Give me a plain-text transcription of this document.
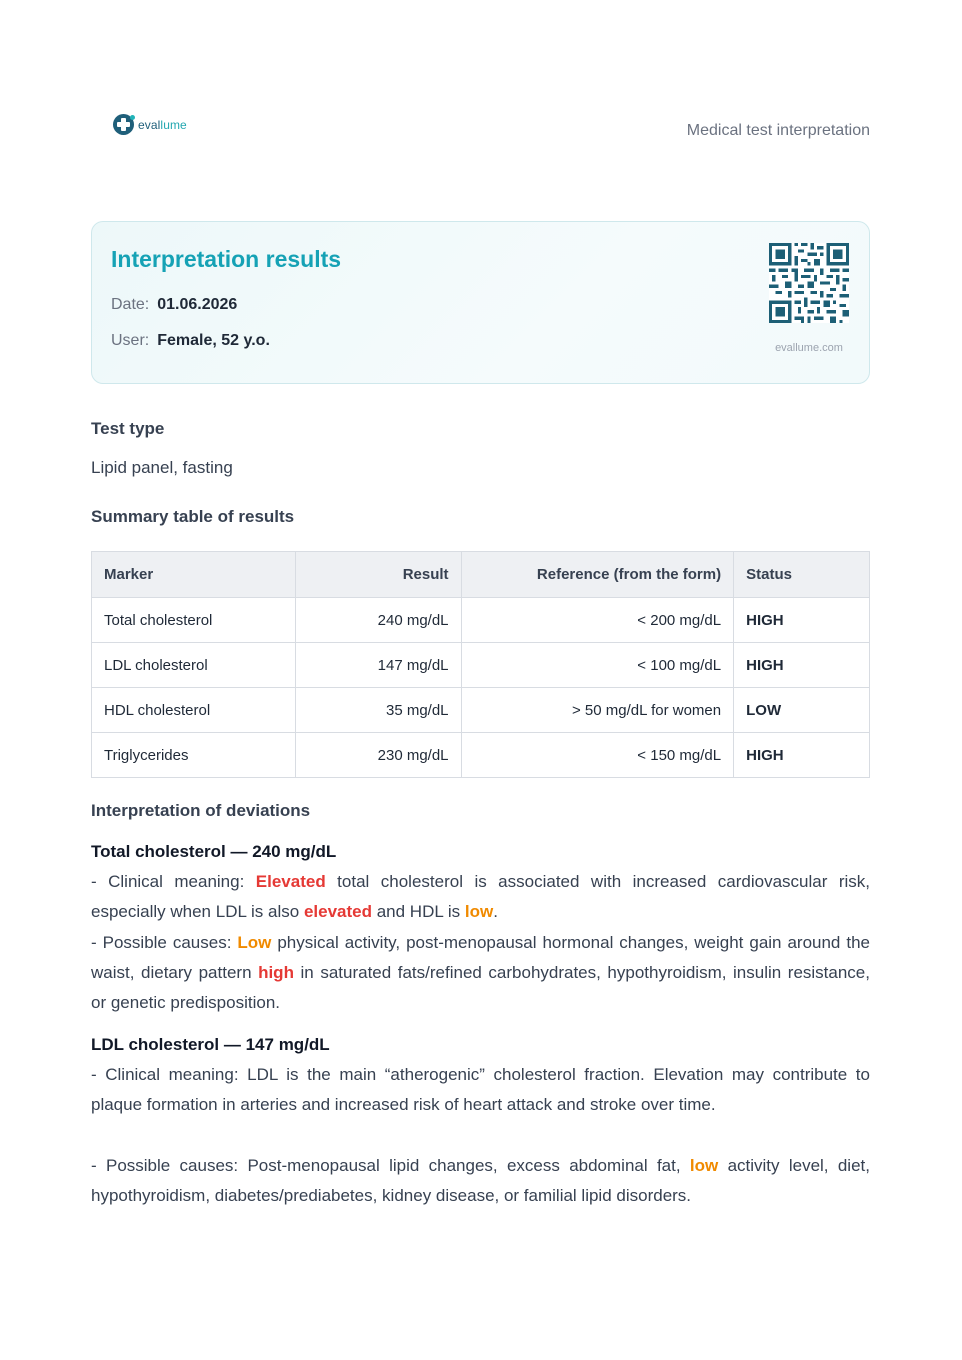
evallume	Medical test interpretation
Interpretation results
Date: 01.06.2026
User: Female, 52 y.o.	evallume.com
Test type
Lipid panel, fasting
Summary table of results
Marker	Result	Reference (from the form)	Status
Total cholesterol	240 mg/dL	< 200 mg/dL	HIGH
LDL cholesterol	147 mg/dL	< 100 mg/dL	HIGH
HDL cholesterol	35 mg/dL	> 50 mg/dL for women	LOW
Triglycerides	230 mg/dL	< 150 mg/dL	HIGH
Interpretation of deviations
Total cholesterol — 240 mg/dL
- Clinical meaning: Elevated total cholesterol is associated with increased cardiovascular risk, especially when LDL is also elevated and HDL is low.
- Possible causes: Low physical activity, post-menopausal hormonal changes, weight gain around the waist, dietary pattern high in saturated fats/refined carbohydrates, hypothyroidism, insulin resistance, or genetic predisposition.
LDL cholesterol — 147 mg/dL
- Clinical meaning: LDL is the main “atherogenic” cholesterol fraction. Elevation may contribute to plaque formation in arteries and increased risk of heart attack and stroke over time.
- Possible causes: Post-menopausal lipid changes, excess abdominal fat, low activity level, diet, hypothyroidism, diabetes/prediabetes, kidney disease, or familial lipid disorders.
